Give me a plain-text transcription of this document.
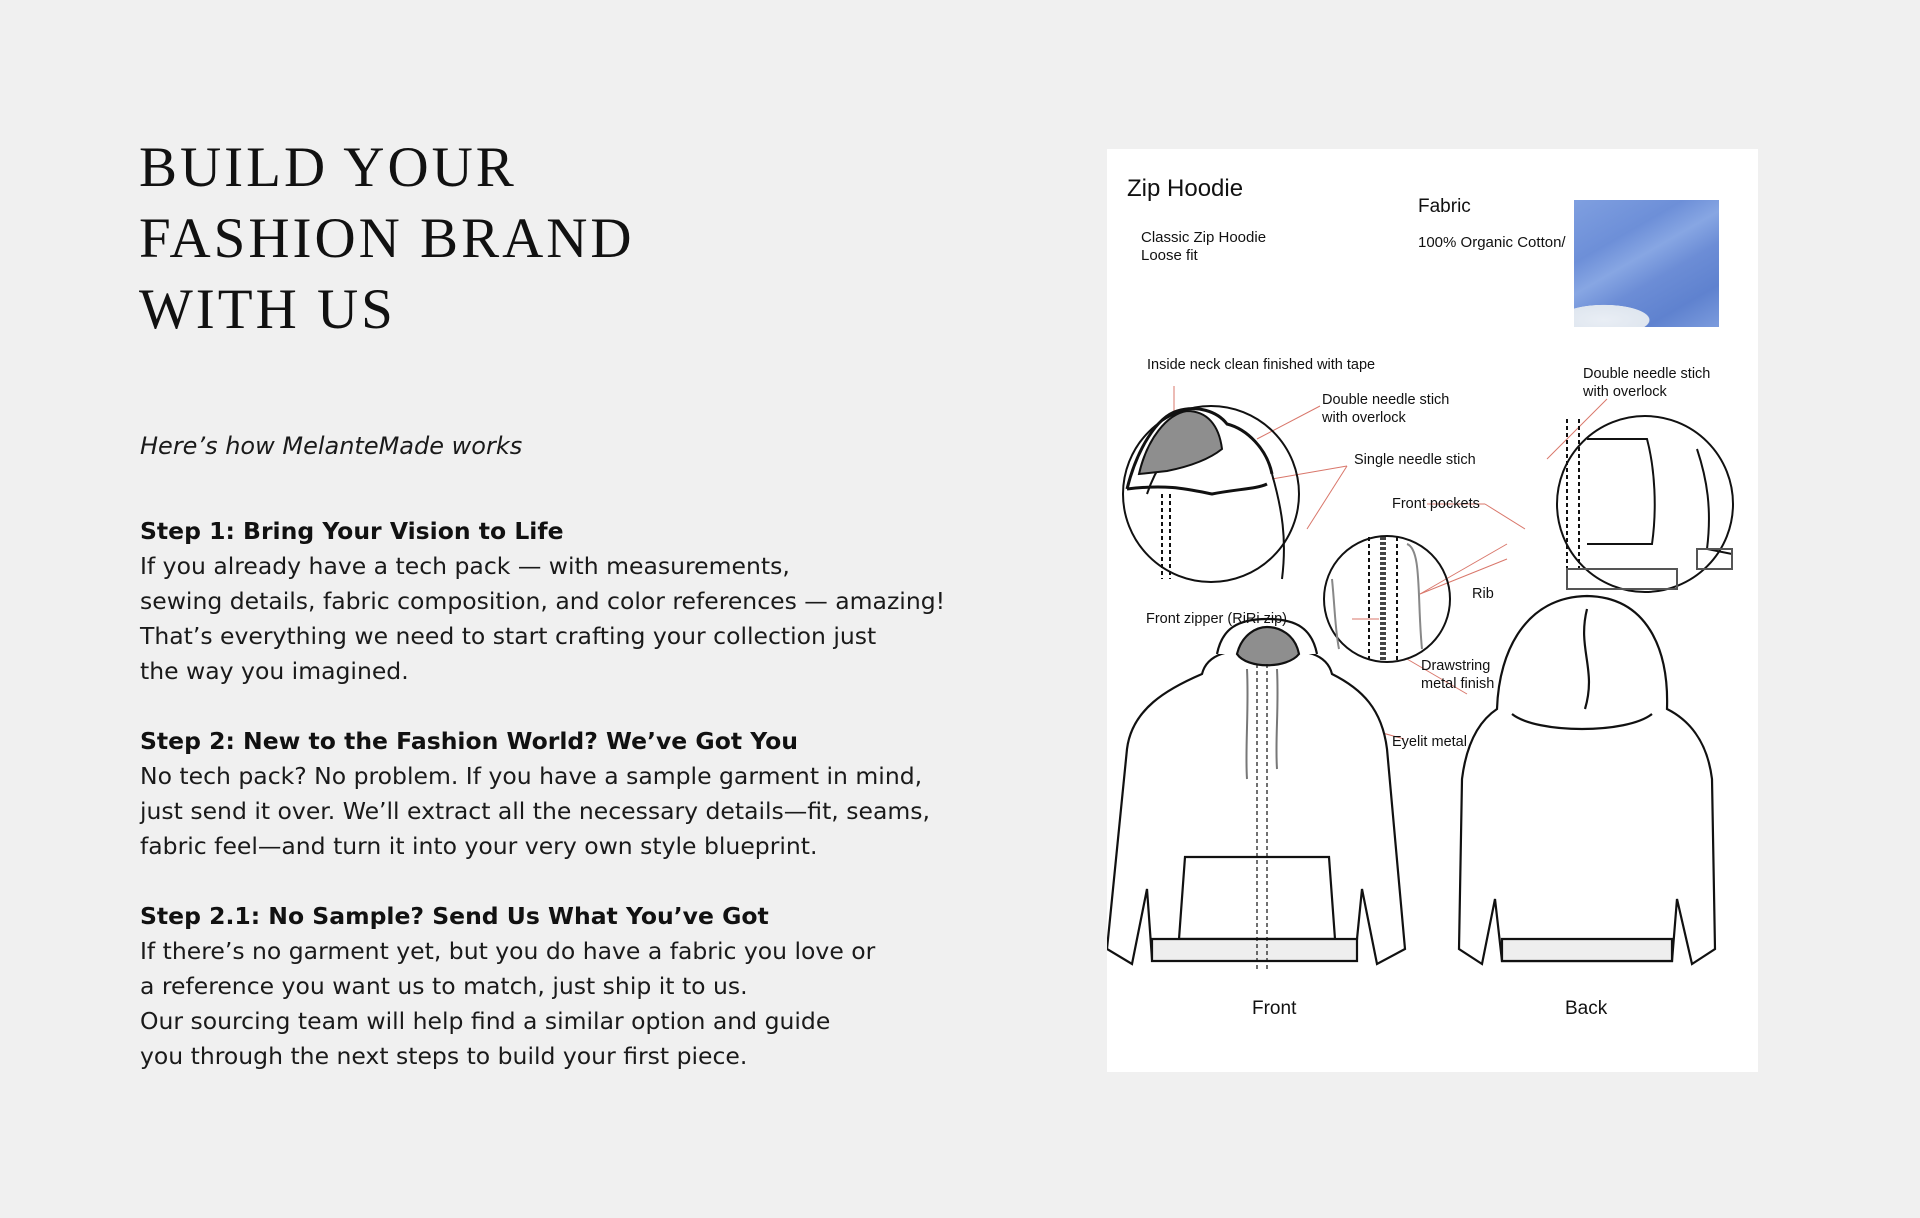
BUILD YOUR
FASHION BRAND
WITH US

Here’s how MelanteMade works

Step 1: Bring Your Vision to Life
If you already have a tech pack — with measurements,
sewing details, fabric composition, and color references — amazing!
That’s everything we need to start crafting your collection just
the way you imagined.
Step 2: New to the Fashion World? We’ve Got You
No tech pack? No problem. If you have a sample garment in mind,
just send it over. We’ll extract all the necessary details—fit, seams,
fabric feel—and turn it into your very own style blueprint.
Step 2.1: No Sample? Send Us What You’ve Got
If there’s no garment yet, but you do have a fabric you love or
a reference you want us to match, just ship it to us.
Our sourcing team will help find a similar option and guide
you through the next steps to build your first piece.
Zip Hoodie
Classic Zip Hoodie
Loose fit
Fabric
100% Organic Cotton/
Inside neck clean finished with tape
Double needle stich
with overlock
Double needle stich
with overlock
Single needle stich
Front pockets
Rib
Front zipper (RiRi zip)
Drawstring
metal finish
Eyelit metal
Front	Back
